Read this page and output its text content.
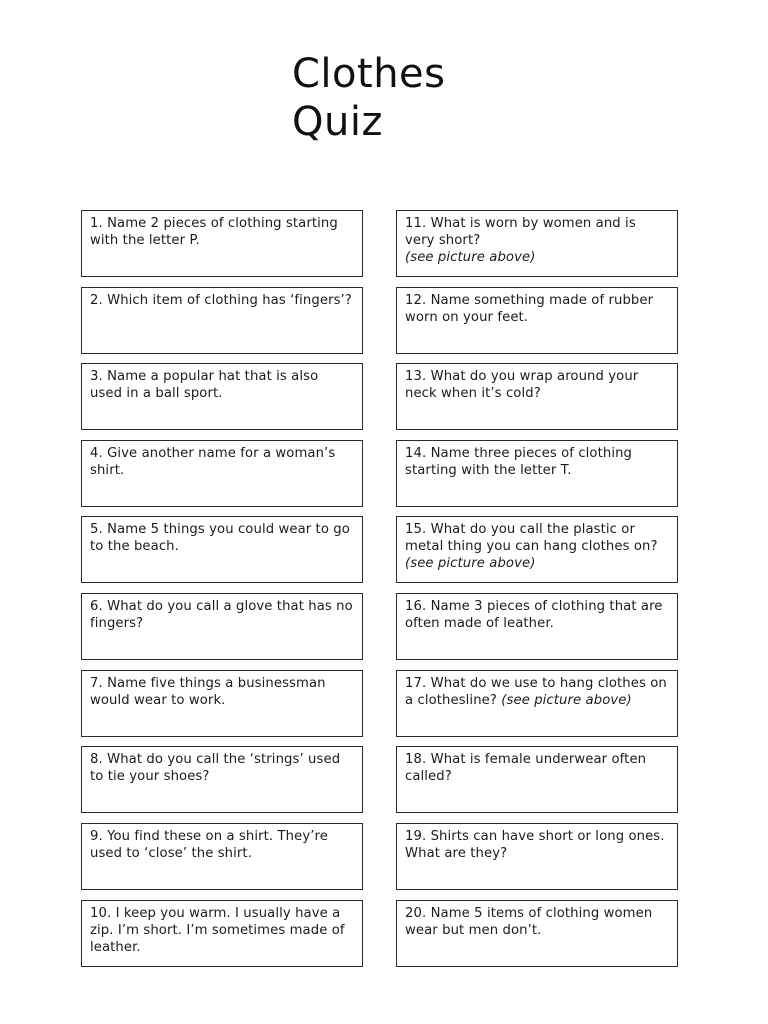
Clothes
Quiz
1. Name 2 pieces of clothing starting with the letter P.
2. Which item of clothing has ‘fingers’?
3. Name a popular hat that is also used in a ball sport.
4. Give another name for a woman’s shirt.
5. Name 5 things you could wear to go to the beach.
6. What do you call a glove that has no fingers?
7. Name five things a businessman would wear to work.
8. What do you call the ‘strings’ used to tie your shoes?
9. You find these on a shirt. They’re used to ‘close’ the shirt.
10. I keep you warm. I usually have a zip. I’m short. I’m sometimes made of leather.
11. What is worn by women and is very short?
(see picture above)
12. Name something made of rubber worn on your feet.
13. What do you wrap around your neck when it’s cold?
14. Name three pieces of clothing starting with the letter T.
15. What do you call the plastic or metal thing you can hang clothes on?
(see picture above)
16. Name 3 pieces of clothing that are often made of leather.
17. What do we use to hang clothes on a clothesline? (see picture above)
18. What is female underwear often called?
19. Shirts can have short or long ones. What are they?
20. Name 5 items of clothing women wear but men don’t.
